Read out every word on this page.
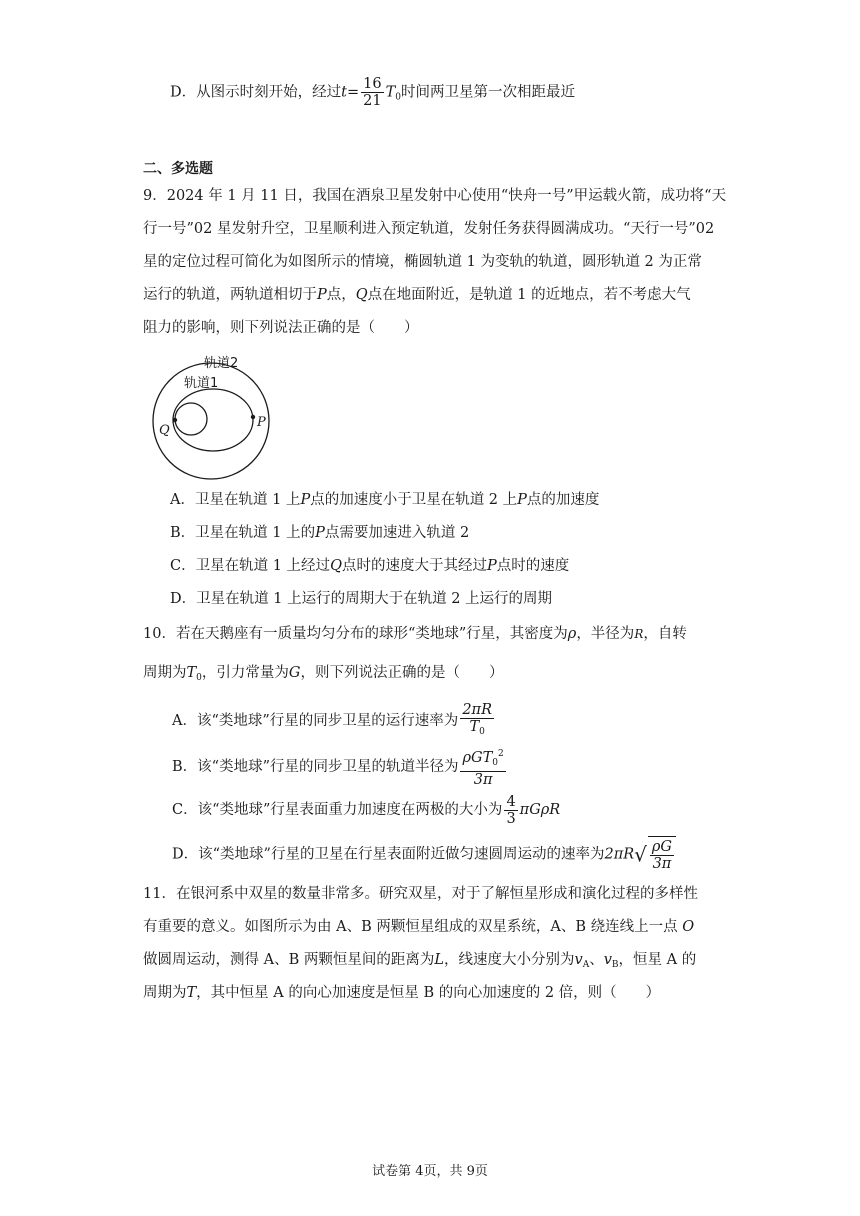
D．从图示时刻开始，经过$t= \frac{16}{21} T_0$时间两卫星第一次相距最近
二、多选题
9．2024 年 1 月 11 日，我国在酒泉卫星发射中心使用“快舟一号”甲运载火箭，成功将“天
行一号”02 星发射升空，卫星顺利进入预定轨道，发射任务获得圆满成功。“天行一号”02
星的定位过程可简化为如图所示的情境，椭圆轨道 1 为变轨的轨道，圆形轨道 2 为正常
运行的轨道，两轨道相切于P点，Q点在地面附近，是轨道 1 的近地点，若不考虑大气
阻力的影响，则下列说法正确的是（　　）
轨道2
轨道1
Q
P
A．卫星在轨道 1 上P点的加速度小于卫星在轨道 2 上P点的加速度
B．卫星在轨道 1 上的P点需要加速进入轨道 2
C．卫星在轨道 1 上经过Q点时的速度大于其经过P点时的速度
D．卫星在轨道 1 上运行的周期大于在轨道 2 上运行的周期
10．若在天鹅座有一质量均匀分布的球形“类地球”行星，其密度为ρ，半径为R，自转
周期为$T_0$，引力常量为G，则下列说法正确的是（　　）
A．该“类地球”行星的同步卫星的运行速率为 $\frac{2\pi R}{T_0}$
B．该“类地球”行星的同步卫星的轨道半径为 $\frac{\rho GT_0^2}{3\pi}$
C．该“类地球”行星表面重力加速度在两极的大小为 $\frac{4}{3}$ πGρR
D．该“类地球”行星的卫星在行星表面附近做匀速圆周运动的速率为$2\pi R√ \frac{\rho G}{3\pi}$
11．在银河系中双星的数量非常多。研究双星，对于了解恒星形成和演化过程的多样性
有重要的意义。如图所示为由 A、B 两颗恒星组成的双星系统，A、B 绕连线上一点 O
做圆周运动，测得 A、B 两颗恒星间的距离为L，线速度大小分别为$v_A$、$v_B$，恒星 A 的
周期为T，其中恒星 A 的向心加速度是恒星 B 的向心加速度的 2 倍，则（　　）
试卷第 4页，共 9页
